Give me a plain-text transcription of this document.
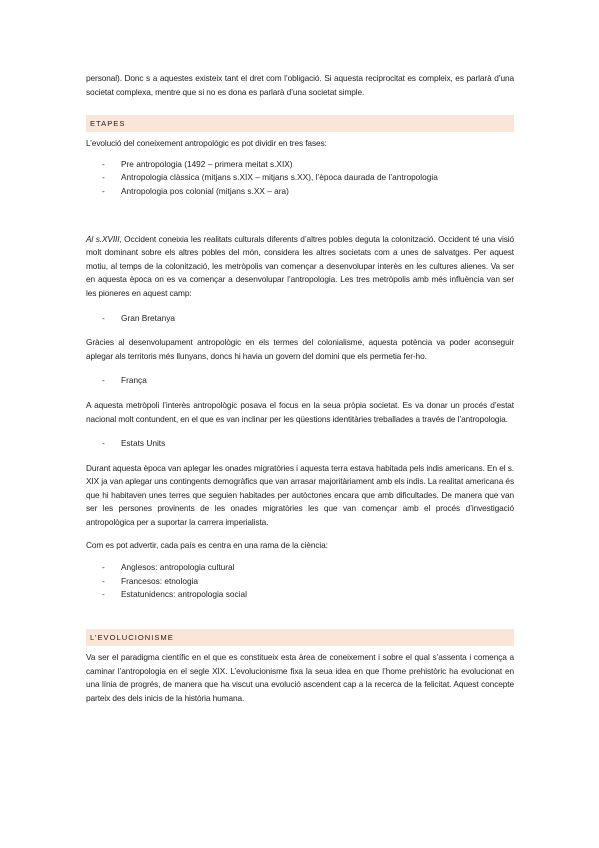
personal). Donc s a aquestes existeix tant el dret com l’obligació. Si aquesta reciprocitat es compleix, es parlarà d’una societat complexa, mentre que si no es dona es parlarà d’una societat simple.

ETAPES

L’evolució del coneixement antropològic es pot dividir en tres fases:

- Pre antropologia (1492 – primera meitat s.XIX)
- Antropologia clàssica (mitjans s.XIX – mitjans s.XX), l’època daurada de l’antropologia
- Antropologia pos colonial (mitjans s.XX – ara)

Al s.XVIII, Occident coneixia les realitats culturals diferents d’altres pobles deguta la colonització. Occident té una visió molt dominant sobre els altres pobles del món, considera les altres societats com a unes de salvatges. Per aquest motiu, al temps de la colonització, les metròpolis van començar a desenvolupar interès en les cultures alienes. Va ser en aquesta època on es va començar a desenvolupar l’antropologia. Les tres metròpolis amb més influència van ser les pioneres en aquest camp:

- Gran Bretanya

Gràcies al desenvolupament antropològic en els termes del colonialisme, aquesta potència va poder aconseguir aplegar als territoris més llunyans, doncs hi havia un govern del domini que els permetia fer-ho.

- França

A aquesta metròpoli l’interès antropològic posava el focus en la seua pròpia societat. Es va donar un procés d’estat nacional molt contundent, en el que es van inclinar per les qüestions identitàries treballades a través de l’antropologia.

- Estats Units

Durant aquesta època van aplegar les onades migratòries i aquesta terra estava habitada pels indis americans. En el s. XIX ja van aplegar uns contingents demogràfics que van arrasar majoritàriament amb els indis. La realitat americana és que hi habitaven unes terres que seguien habitades per autòctones encara que amb dificultades. De manera que van ser les persones provinents de les onades migratòries les que van començar amb el procés d’investigació antropològica per a suportar la carrera imperialista.

Com es pot advertir, cada país es centra en una rama de la ciència:

- Anglesos: antropologia cultural
- Francesos: etnologia
- Estatunidencs: antropologia social
L’EVOLUCIONISME

Va ser el paradigma científic en el que es constitueix esta àrea de coneixement i sobre el qual s’assenta i comença a caminar l’antropologia en el segle XIX. L’evolucionisme fixa la seua idea en que l’home prehistòric ha evolucionat en una línia de progrés, de manera que ha viscut una evolució ascendent cap a la recerca de la felicitat. Aquest concepte parteix des dels inicis de la història humana.
